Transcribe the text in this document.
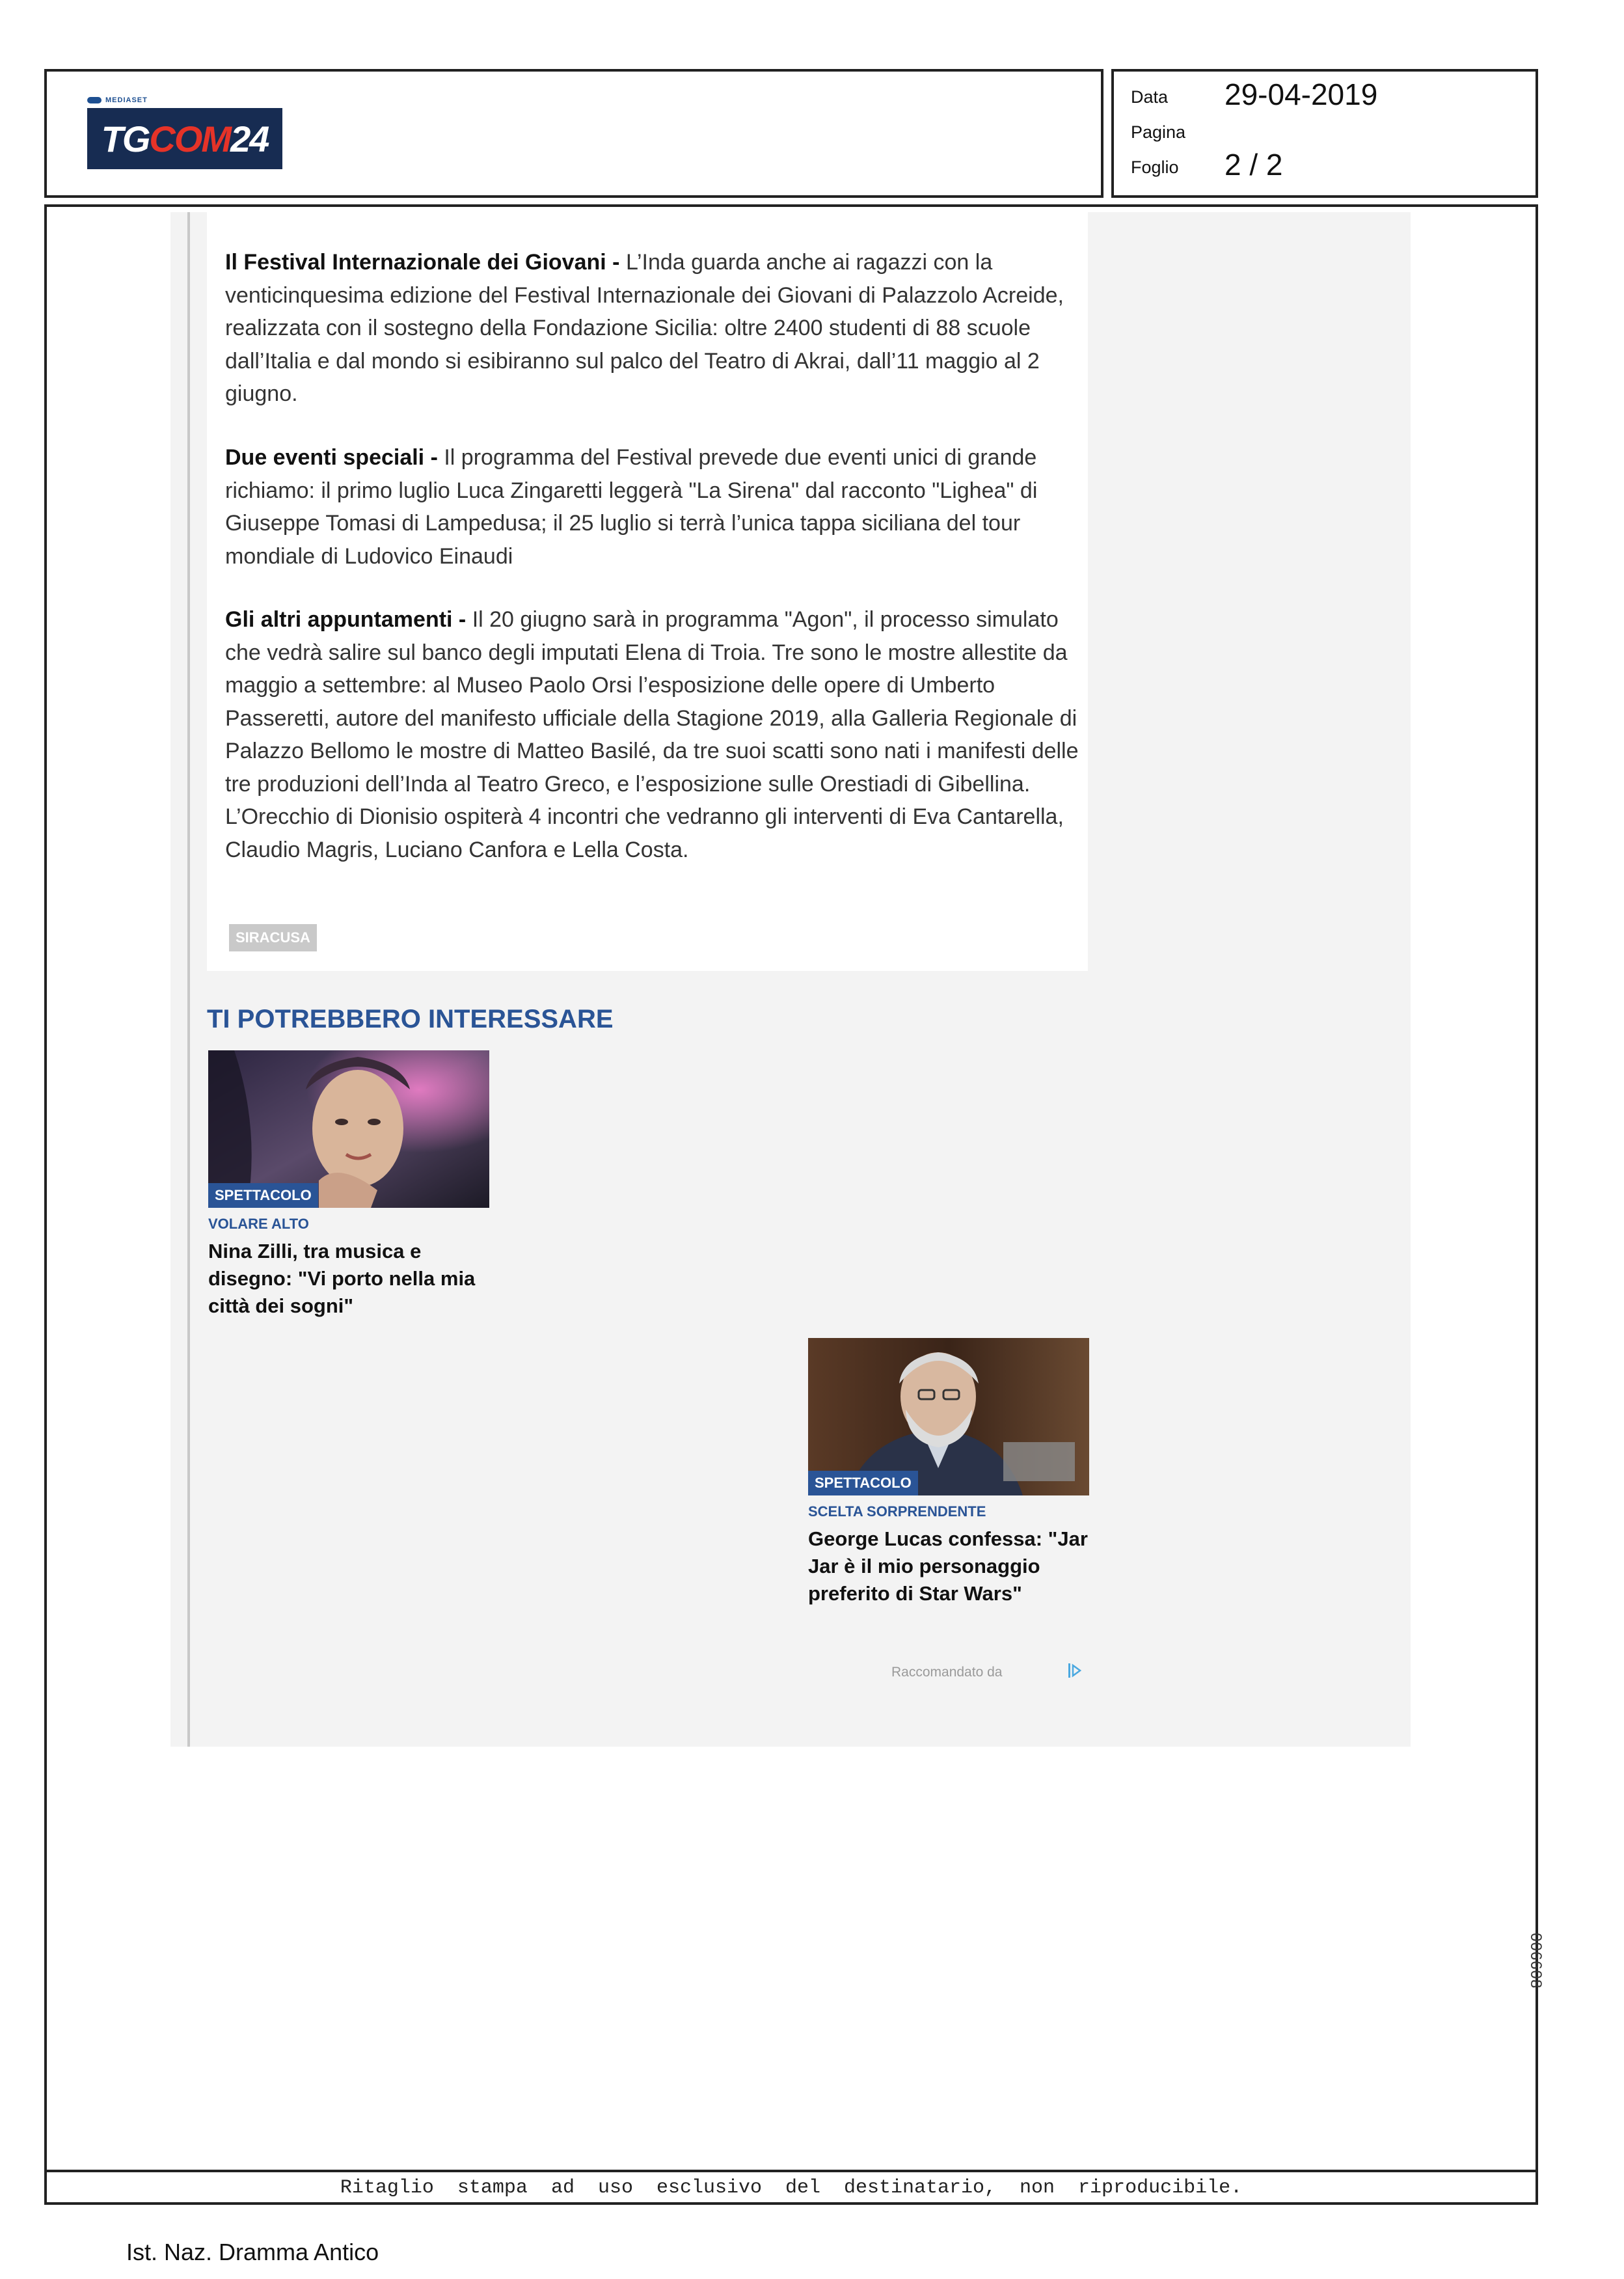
MEDIASET
TG COM 24
Data 29-04-2019
Pagina
Foglio 2 / 2

Il Festival Internazionale dei Giovani - L’Inda guarda anche ai ragazzi con la venticinquesima edizione del Festival Internazionale dei Giovani di Palazzolo Acreide, realizzata con il sostegno della Fondazione Sicilia: oltre 2400 studenti di 88 scuole dall’Italia e dal mondo si esibiranno sul palco del Teatro di Akrai, dall’11 maggio al 2 giugno.

Due eventi speciali - Il programma del Festival prevede due eventi unici di grande richiamo: il primo luglio Luca Zingaretti leggerà "La Sirena" dal racconto "Lighea" di Giuseppe Tomasi di Lampedusa; il 25 luglio si terrà l’unica tappa siciliana del tour mondiale di Ludovico Einaudi

Gli altri appuntamenti - Il 20 giugno sarà in programma "Agon", il processo simulato che vedrà salire sul banco degli imputati Elena di Troia. Tre sono le mostre allestite da maggio a settembre: al Museo Paolo Orsi l’esposizione delle opere di Umberto Passeretti, autore del manifesto ufficiale della Stagione 2019, alla Galleria Regionale di Palazzo Bellomo le mostre di Matteo Basilé, da tre suoi scatti sono nati i manifesti delle tre produzioni dell’Inda al Teatro Greco, e l’esposizione sulle Orestiadi di Gibellina. L’Orecchio di Dionisio ospiterà 4 incontri che vedranno gli interventi di Eva Cantarella, Claudio Magris, Luciano Canfora e Lella Costa.

SIRACUSA
TI POTREBBERO INTERESSARE
SPETTACOLO
VOLARE ALTO
Nina Zilli, tra musica e disegno: "Vi porto nella mia città dei sogni"
SPETTACOLO
SCELTA SORPRENDENTE
George Lucas confessa: "Jar Jar è il mio personaggio preferito di Star Wars"
Raccomandato da
Ritaglio stampa ad uso esclusivo del destinatario, non riproducibile.
006608
Ist. Naz. Dramma Antico
